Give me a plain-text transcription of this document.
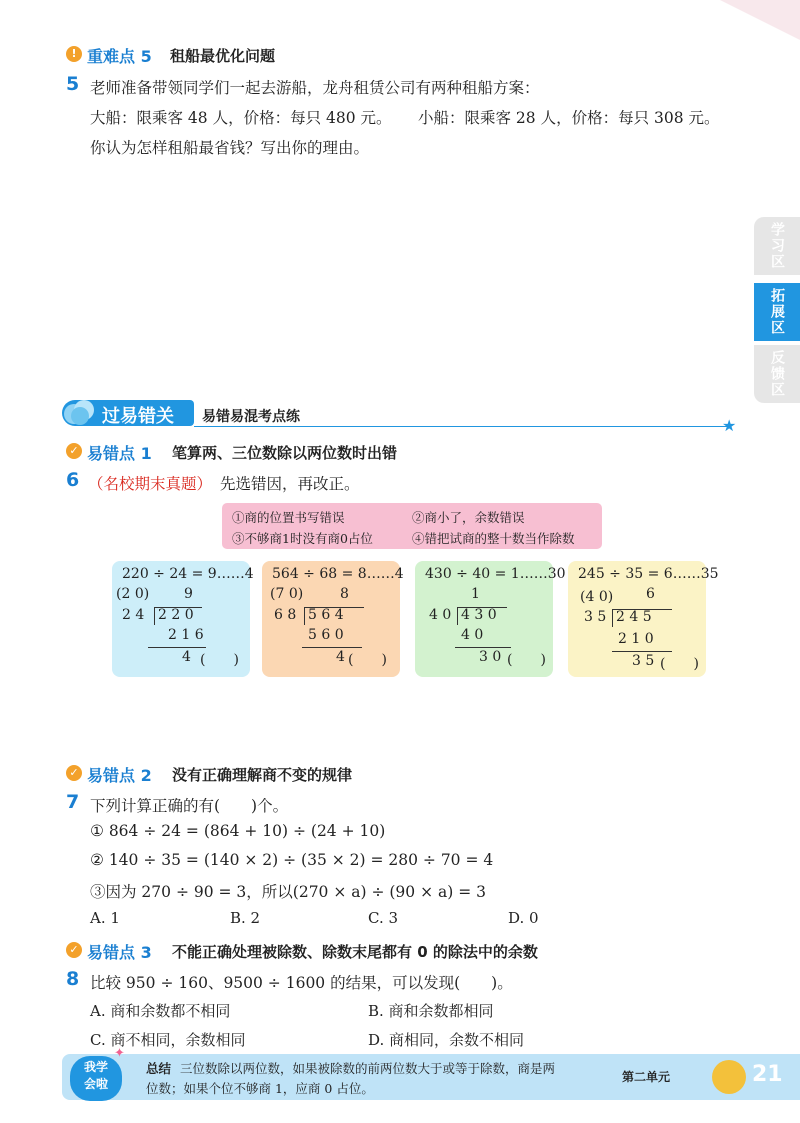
! 重难点 5 租船最优化问题
5 老师准备带领同学们一起去游船，龙舟租赁公司有两种租船方案：
大船：限乘客 48 人，价格：每只 480 元。 小船：限乘客 28 人，价格：每只 308 元。
你认为怎样租船最省钱？写出你的理由。
学习区
拓展区
反馈区
过易错关 易错易混考点练	★
✓ 易错点 1 笔算两、三位数除以两位数时出错
6 （名校期末真题） 先选错因，再改正。
①商的位置书写错误	②商小了，余数错误
③不够商1时没有商0占位	④错把试商的整十数当作除数
220 ÷ 24 = 9……4
(2 0) 9
2 4 2 2 0
2 1 6
4 (　　)
564 ÷ 68 = 8……4
(7 0)	8
6 8 5 6 4
5 6 0
4 (　　)
430 ÷ 40 = 1……30
1
4 0 4 3 0
4 0
3 0 (　　)
245 ÷ 35 = 6……35
(4 0) 6
3 5 2 4 5
2 1 0
3 5 (　　)
✓ 易错点 2 没有正确理解商不变的规律
7 下列计算正确的有(　　)个。
① 864 ÷ 24 = (864 + 10) ÷ (24 + 10)
② 140 ÷ 35 = (140 × 2) ÷ (35 × 2) = 280 ÷ 70 = 4
③因为 270 ÷ 90 = 3，所以(270 × a) ÷ (90 × a) = 3
A. 1	B. 2	C. 3	D. 0
✓ 易错点 3 不能正确处理被除数、除数末尾都有 0 的除法中的余数
8 比较 950 ÷ 160、9500 ÷ 1600 的结果，可以发现(　　)。
A. 商和余数都不相同	B. 商和余数都相同
C. 商不相同，余数相同	D. 商相同，余数不相同
我学
会啦
✦
总结 三位数除以两位数，如果被除数的前两位数大于或等于除数，商是两
位数；如果个位不够商 1，应商 0 占位。
第二单元	21
